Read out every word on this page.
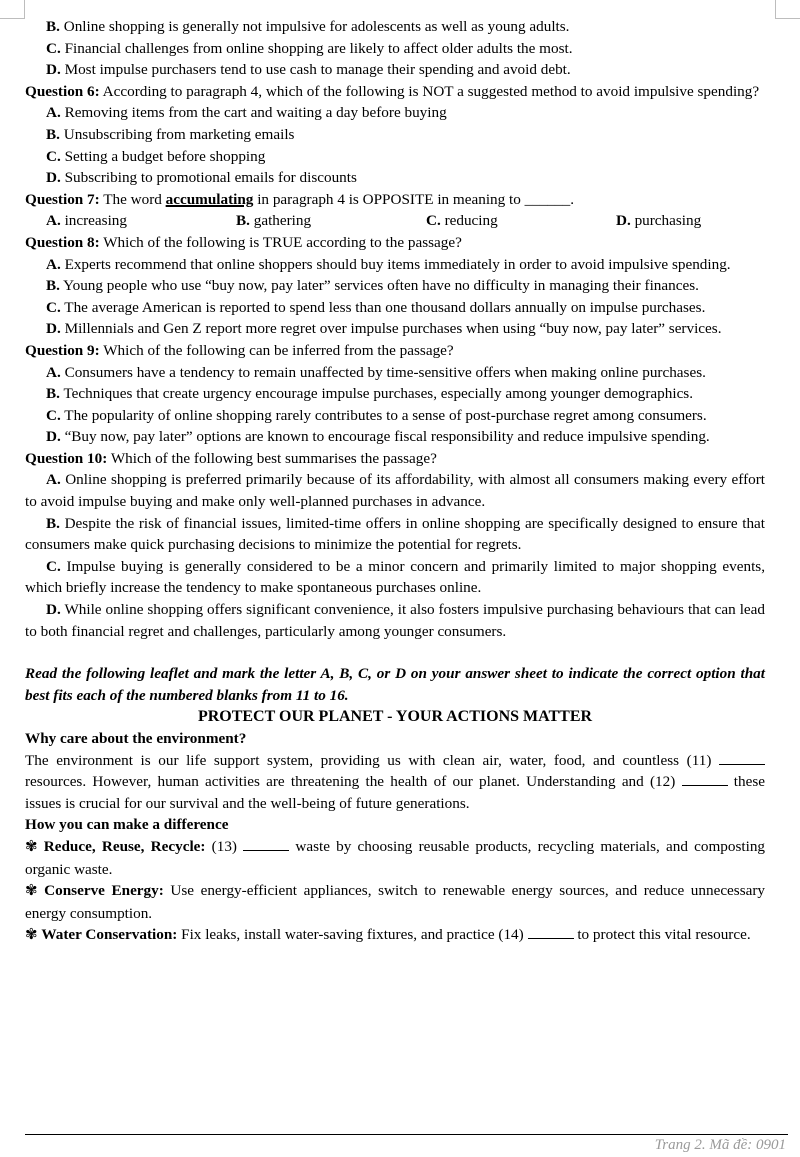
B. Online shopping is generally not impulsive for adolescents as well as young adults.

C. Financial challenges from online shopping are likely to affect older adults the most.

D. Most impulse purchasers tend to use cash to manage their spending and avoid debt.

Question 6: According to paragraph 4, which of the following is NOT a suggested method to avoid impulsive spending?

A. Removing items from the cart and waiting a day before buying

B. Unsubscribing from marketing emails

C. Setting a budget before shopping

D. Subscribing to promotional emails for discounts

Question 7: The word accumulating in paragraph 4 is OPPOSITE in meaning to ______.

A. increasing	B. gathering	C. reducing	D. purchasing

Question 8: Which of the following is TRUE according to the passage?

A. Experts recommend that online shoppers should buy items immediately in order to avoid impulsive spending.

B. Young people who use “buy now, pay later” services often have no difficulty in managing their finances.

C. The average American is reported to spend less than one thousand dollars annually on impulse purchases.

D. Millennials and Gen Z report more regret over impulse purchases when using “buy now, pay later” services.

Question 9: Which of the following can be inferred from the passage?

A. Consumers have a tendency to remain unaffected by time-sensitive offers when making online purchases.

B. Techniques that create urgency encourage impulse purchases, especially among younger demographics.

C. The popularity of online shopping rarely contributes to a sense of post-purchase regret among consumers.

D. “Buy now, pay later” options are known to encourage fiscal responsibility and reduce impulsive spending.

Question 10: Which of the following best summarises the passage?

A. Online shopping is preferred primarily because of its affordability, with almost all consumers making every effort to avoid impulse buying and make only well-planned purchases in advance.

B. Despite the risk of financial issues, limited-time offers in online shopping are specifically designed to ensure that consumers make quick purchasing decisions to minimize the potential for regrets.

C. Impulse buying is generally considered to be a minor concern and primarily limited to major shopping events, which briefly increase the tendency to make spontaneous purchases online.

D. While online shopping offers significant convenience, it also fosters impulsive purchasing behaviours that can lead to both financial regret and challenges, particularly among younger consumers.

Read the following leaflet and mark the letter A, B, C, or D on your answer sheet to indicate the correct option that best fits each of the numbered blanks from 11 to 16.

PROTECT OUR PLANET - YOUR ACTIONS MATTER

Why care about the environment?

The environment is our life support system, providing us with clean air, water, food, and countless (11)  resources. However, human activities are threatening the health of our planet. Understanding and (12)	these issues is crucial for our survival and the well-being of future generations.

How you can make a difference

✾ Reduce, Reuse, Recycle: (13)	waste by choosing reusable products, recycling materials, and composting organic waste.

✾ Conserve Energy: Use energy-efficient appliances, switch to renewable energy sources, and reduce unnecessary energy consumption.

✾ Water Conservation: Fix leaks, install water-saving fixtures, and practice (14)	to protect this vital resource.

Trang 2. Mã đề: 0901
